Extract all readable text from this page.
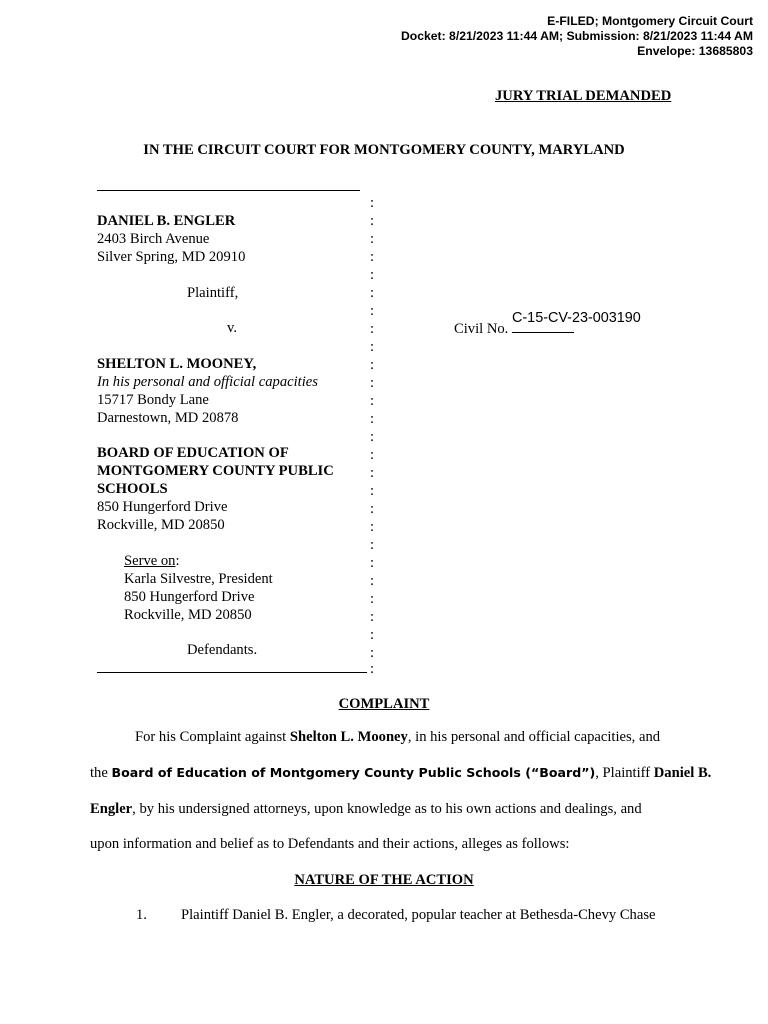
E-FILED; Montgomery Circuit Court
Docket: 8/21/2023 11:44 AM; Submission: 8/21/2023 11:44 AM
Envelope: 13685803
JURY TRIAL DEMANDED
IN THE CIRCUIT COURT FOR MONTGOMERY COUNTY, MARYLAND
:
:
:
:
:
:
:
:
:
:
:
:
:
:
:
:
:
:
:
:
:
:
:
:
:
:
:
DANIEL B. ENGLER
2403 Birch Avenue
Silver Spring, MD 20910
Plaintiff,
v.	Civil No.
C-15-CV-23-003190
SHELTON L. MOONEY,
In his personal and official capacities
15717 Bondy Lane
Darnestown, MD 20878
BOARD OF EDUCATION OF
MONTGOMERY COUNTY PUBLIC
SCHOOLS
850 Hungerford Drive
Rockville, MD 20850
Serve on:
Karla Silvestre, President
850 Hungerford Drive
Rockville, MD 20850
Defendants.
COMPLAINT
For his Complaint against Shelton L. Mooney, in his personal and official capacities, and
the Board of Education of Montgomery County Public Schools (“Board”), Plaintiff Daniel B.
Engler, by his undersigned attorneys, upon knowledge as to his own actions and dealings, and
upon information and belief as to Defendants and their actions, alleges as follows:
NATURE OF THE ACTION
1. Plaintiff Daniel B. Engler, a decorated, popular teacher at Bethesda-Chevy Chase
